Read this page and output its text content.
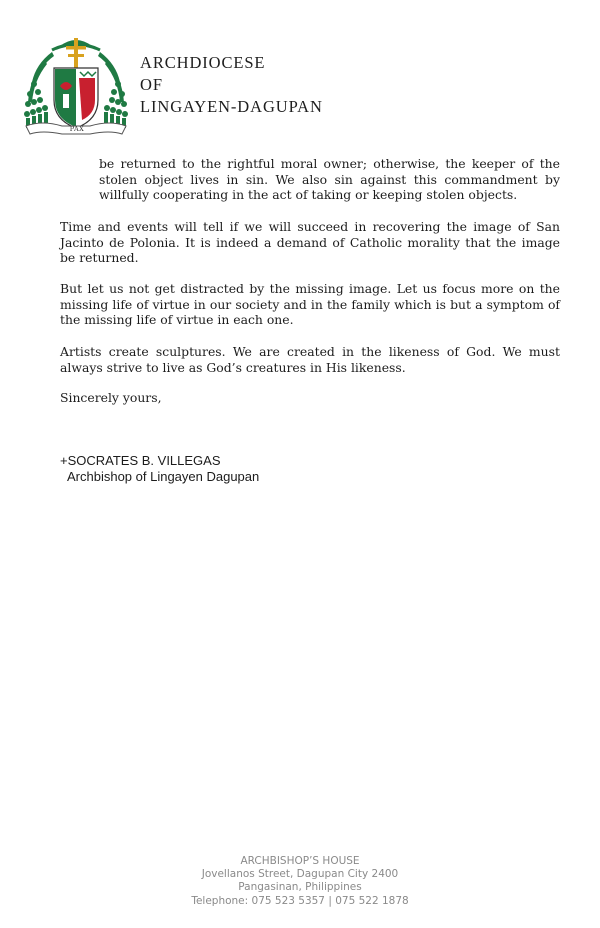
PAX
ARCHDIOCESE
OF
LINGAYEN-DAGUPAN
be returned to the rightful moral owner; otherwise, the keeper of the stolen object lives in sin. We also sin against this commandment by willfully cooperating in the act of taking or keeping stolen objects.
Time and events will tell if we will succeed in recovering the image of San Jacinto de Polonia. It is indeed a demand of Catholic morality that the image be returned.
But let us not get distracted by the missing image. Let us focus more on the missing life of virtue in our society and in the family which is but a symptom of the missing life of virtue in each one.
Artists create sculptures. We are created in the likeness of God. We must always strive to live as God’s creatures in His likeness.
Sincerely yours,
+SOCRATES B. VILLEGAS
Archbishop of Lingayen Dagupan
ARCHBISHOP’S HOUSE
Jovellanos Street, Dagupan City 2400
Pangasinan, Philippines
Telephone: 075 523 5357 | 075 522 1878
